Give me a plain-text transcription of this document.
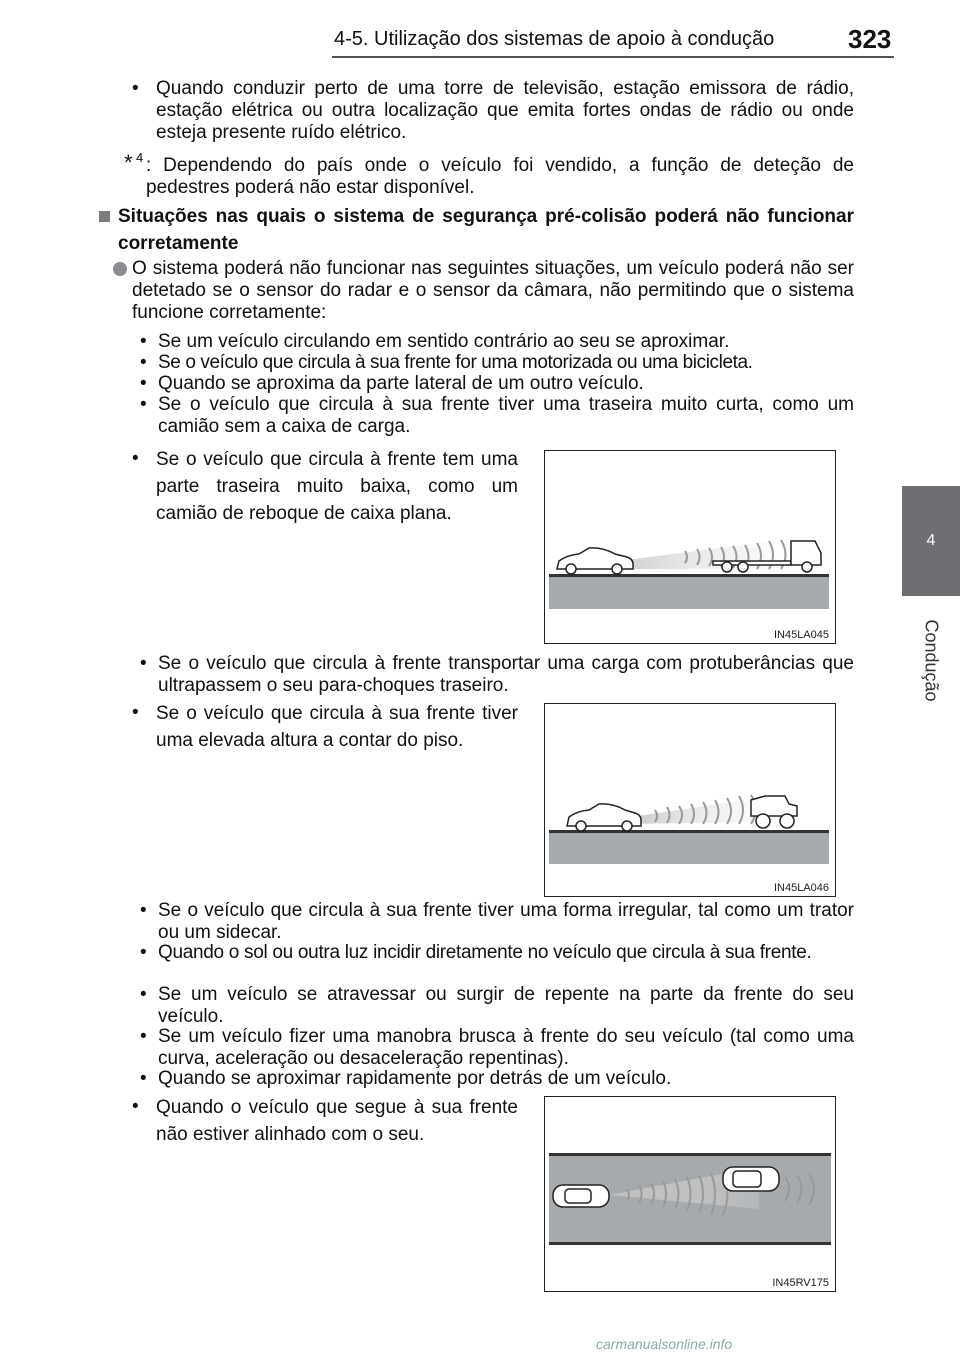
4-5. Utilização dos sistemas de apoio à condução	323
4
Condução
• Quando conduzir perto de uma torre de televisão, estação emissora de rádio, estação elétrica ou outra localização que emita fortes ondas de rádio ou onde esteja presente ruído elétrico.
* 4 : Dependendo do país onde o veículo foi vendido, a função de deteção de pedestres poderá não estar disponível.
Situações nas quais o sistema de segurança pré-colisão poderá não funcionar corretamente
O sistema poderá não funcionar nas seguintes situações, um veículo poderá não ser detetado se o sensor do radar e o sensor da câmara, não permitindo que o sistema funcione corretamente:
• Se um veículo circulando em sentido contrário ao seu se aproximar.
• Se o veículo que circula à sua frente for uma motorizada ou uma bicicleta.
• Quando se aproxima da parte lateral de um outro veículo.
• Se o veículo que circula à sua frente tiver uma traseira muito curta, como um camião sem a caixa de carga.
• Se o veículo que circula à frente tem uma parte traseira muito baixa, como um camião de reboque de caixa plana.
IN45LA045
• Se o veículo que circula à frente transportar uma carga com protuberâncias que ultrapassem o seu para-choques traseiro.
• Se o veículo que circula à sua frente tiver uma elevada altura a contar do piso.
IN45LA046
• Se o veículo que circula à sua frente tiver uma forma irregular, tal como um trator ou um sidecar.
• Quando o sol ou outra luz incidir diretamente no veículo que circula à sua frente.
• Se um veículo se atravessar ou surgir de repente na parte da frente do seu veículo.
• Se um veículo fizer uma manobra brusca à frente do seu veículo (tal como uma curva, aceleração ou desaceleração repentinas).
• Quando se aproximar rapidamente por detrás de um veículo.
• Quando o veículo que segue à sua frente não estiver alinhado com o seu.
IN45RV175
carmanualsonline.info
